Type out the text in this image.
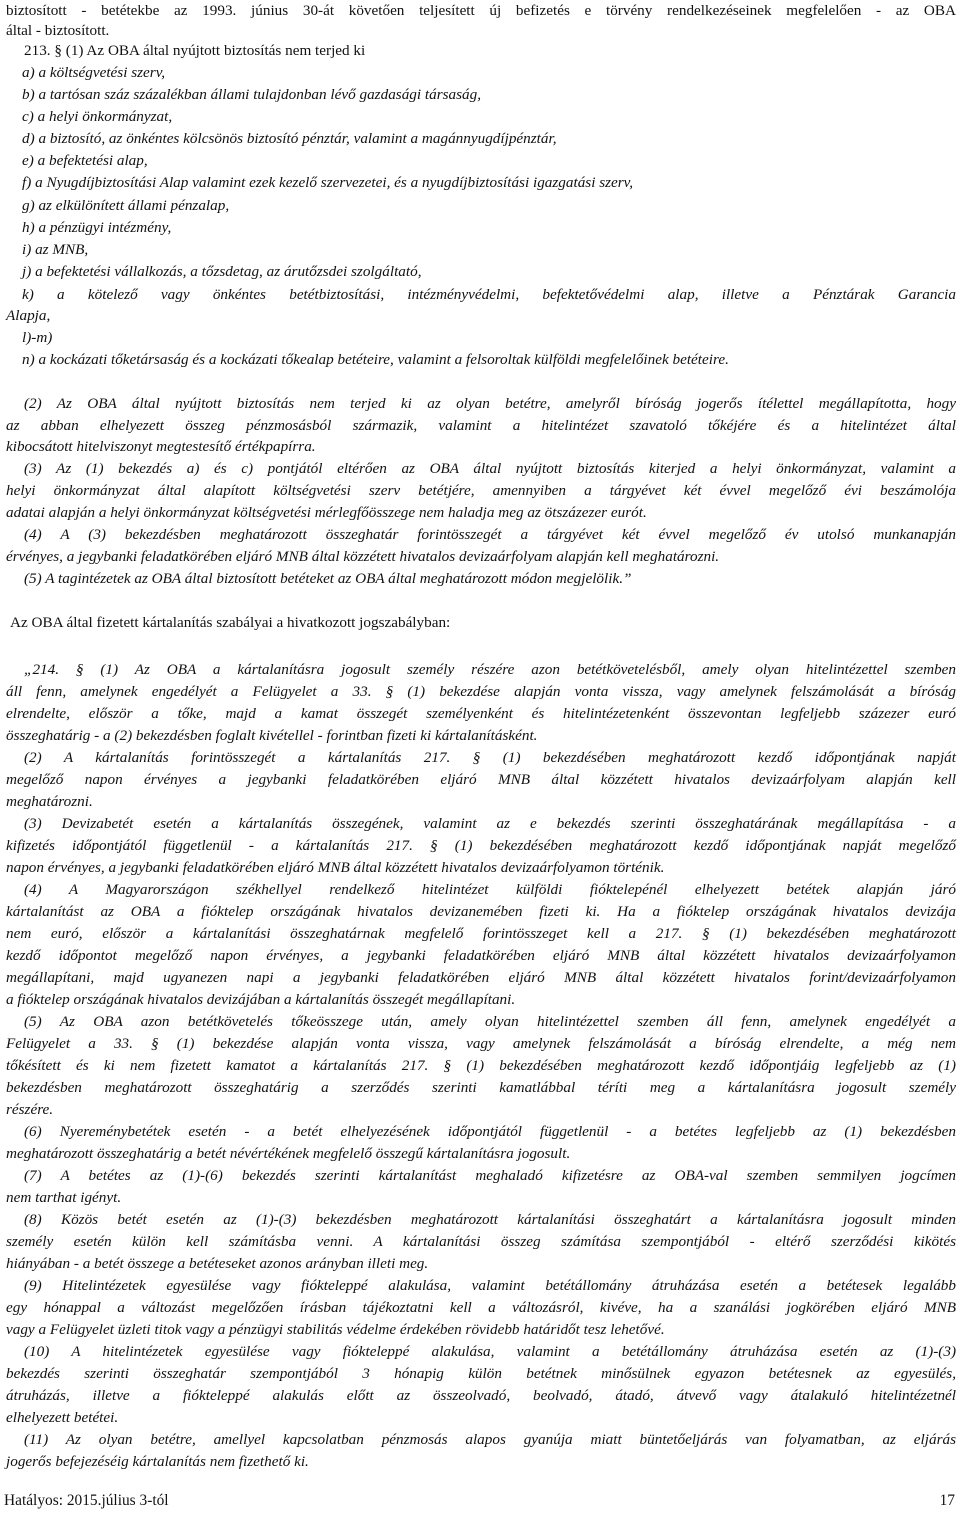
biztosított - betétekbe az 1993. június 30-át követően teljesített új befizetés e törvény rendelkezéseinek megfelelően - az OBA
által - biztosított.
213. § (1) Az OBA által nyújtott biztosítás nem terjed ki
a) a költségvetési szerv,
b) a tartósan száz százalékban állami tulajdonban lévő gazdasági társaság,
c) a helyi önkormányzat,
d) a biztosító, az önkéntes kölcsönös biztosító pénztár, valamint a magánnyugdíjpénztár,
e) a befektetési alap,
f) a Nyugdíjbiztosítási Alap valamint ezek kezelő szervezetei, és a nyugdíjbiztosítási igazgatási szerv,
g) az elkülönített állami pénzalap,
h) a pénzügyi intézmény,
i) az MNB,
j) a befektetési vállalkozás, a tőzsdetag, az árutőzsdei szolgáltató,
k) a kötelező vagy önkéntes betétbiztosítási, intézményvédelmi, befektetővédelmi alap, illetve a Pénztárak Garancia
Alapja,
l)-m)
n) a kockázati tőketársaság és a kockázati tőkealap betéteire, valamint a felsoroltak külföldi megfelelőinek betéteire.
(2) Az OBA által nyújtott biztosítás nem terjed ki az olyan betétre, amelyről bíróság jogerős ítélettel megállapította, hogy
az abban elhelyezett összeg pénzmosásból származik, valamint a hitelintézet szavatoló tőkéjére és a hitelintézet által
kibocsátott hitelviszonyt megtestesítő értékpapírra.
(3) Az (1) bekezdés a) és c) pontjától eltérően az OBA által nyújtott biztosítás kiterjed a helyi önkormányzat, valamint a
helyi önkormányzat által alapított költségvetési szerv betétjére, amennyiben a tárgyévet két évvel megelőző évi beszámolója
adatai alapján a helyi önkormányzat költségvetési mérlegfőösszege nem haladja meg az ötszázezer eurót.
(4) A (3) bekezdésben meghatározott összeghatár forintösszegét a tárgyévet két évvel megelőző év utolsó munkanapján
érvényes, a jegybanki feladatkörében eljáró MNB által közzétett hivatalos devizaárfolyam alapján kell meghatározni.
(5) A tagintézetek az OBA által biztosított betéteket az OBA által meghatározott módon megjelölik.”
Az OBA által fizetett kártalanítás szabályai a hivatkozott jogszabályban:
„214. § (1) Az OBA a kártalanításra jogosult személy részére azon betétkövetelésből, amely olyan hitelintézettel szemben
áll fenn, amelynek engedélyét a Felügyelet a 33. § (1) bekezdése alapján vonta vissza, vagy amelynek felszámolását a bíróság
elrendelte, először a tőke, majd a kamat összegét személyenként és hitelintézetenként összevontan legfeljebb százezer euró
összeghatárig - a (2) bekezdésben foglalt kivétellel - forintban fizeti ki kártalanításként.
(2) A kártalanítás forintösszegét a kártalanítás 217. § (1) bekezdésében meghatározott kezdő időpontjának napját
megelőző napon érvényes a jegybanki feladatkörében eljáró MNB által közzétett hivatalos devizaárfolyam alapján kell
meghatározni.
(3) Devizabetét esetén a kártalanítás összegének, valamint az e bekezdés szerinti összeghatárának megállapítása - a
kifizetés időpontjától függetlenül - a kártalanítás 217. § (1) bekezdésében meghatározott kezdő időpontjának napját megelőző
napon érvényes, a jegybanki feladatkörében eljáró MNB által közzétett hivatalos devizaárfolyamon történik.
(4) A Magyarországon székhellyel rendelkező hitelintézet külföldi fióktelepénél elhelyezett betétek alapján járó
kártalanítást az OBA a fióktelep országának hivatalos devizanemében fizeti ki. Ha a fióktelep országának hivatalos devizája
nem euró, először a kártalanítási összeghatárnak megfelelő forintösszeget kell a 217. § (1) bekezdésében meghatározott
kezdő időpontot megelőző napon érvényes, a jegybanki feladatkörében eljáró MNB által közzétett hivatalos devizaárfolyamon
megállapítani, majd ugyanezen napi a jegybanki feladatkörében eljáró MNB által közzétett hivatalos forint/devizaárfolyamon
a fióktelep országának hivatalos devizájában a kártalanítás összegét megállapítani.
(5) Az OBA azon betétkövetelés tőkeösszege után, amely olyan hitelintézettel szemben áll fenn, amelynek engedélyét a
Felügyelet a 33. § (1) bekezdése alapján vonta vissza, vagy amelynek felszámolását a bíróság elrendelte, a még nem
tőkésített és ki nem fizetett kamatot a kártalanítás 217. § (1) bekezdésében meghatározott kezdő időpontjáig legfeljebb az (1)
bekezdésben meghatározott összeghatárig a szerződés szerinti kamatlábbal téríti meg a kártalanításra jogosult személy
részére.
(6) Nyereménybetétek esetén - a betét elhelyezésének időpontjától függetlenül - a betétes legfeljebb az (1) bekezdésben
meghatározott összeghatárig a betét névértékének megfelelő összegű kártalanításra jogosult.
(7) A betétes az (1)-(6) bekezdés szerinti kártalanítást meghaladó kifizetésre az OBA-val szemben semmilyen jogcímen
nem tarthat igényt.
(8) Közös betét esetén az (1)-(3) bekezdésben meghatározott kártalanítási összeghatárt a kártalanításra jogosult minden
személy esetén külön kell számításba venni. A kártalanítási összeg számítása szempontjából - eltérő szerződési kikötés
hiányában - a betét összege a betéteseket azonos arányban illeti meg.
(9) Hitelintézetek egyesülése vagy fiókteleppé alakulása, valamint betétállomány átruházása esetén a betétesek legalább
egy hónappal a változást megelőzően írásban tájékoztatni kell a változásról, kivéve, ha a szanálási jogkörében eljáró MNB
vagy a Felügyelet üzleti titok vagy a pénzügyi stabilitás védelme érdekében rövidebb határidőt tesz lehetővé.
(10) A hitelintézetek egyesülése vagy fiókteleppé alakulása, valamint a betétállomány átruházása esetén az (1)-(3)
bekezdés szerinti összeghatár szempontjából 3 hónapig külön betétnek minősülnek egyazon betétesnek az egyesülés,
átruházás, illetve a fiókteleppé alakulás előtt az összeolvadó, beolvadó, átadó, átvevő vagy átalakuló hitelintézetnél
elhelyezett betétei.
(11) Az olyan betétre, amellyel kapcsolatban pénzmosás alapos gyanúja miatt büntetőeljárás van folyamatban, az eljárás
jogerős befejezéséig kártalanítás nem fizethető ki.
Hatályos: 2015.július 3-tól	17
